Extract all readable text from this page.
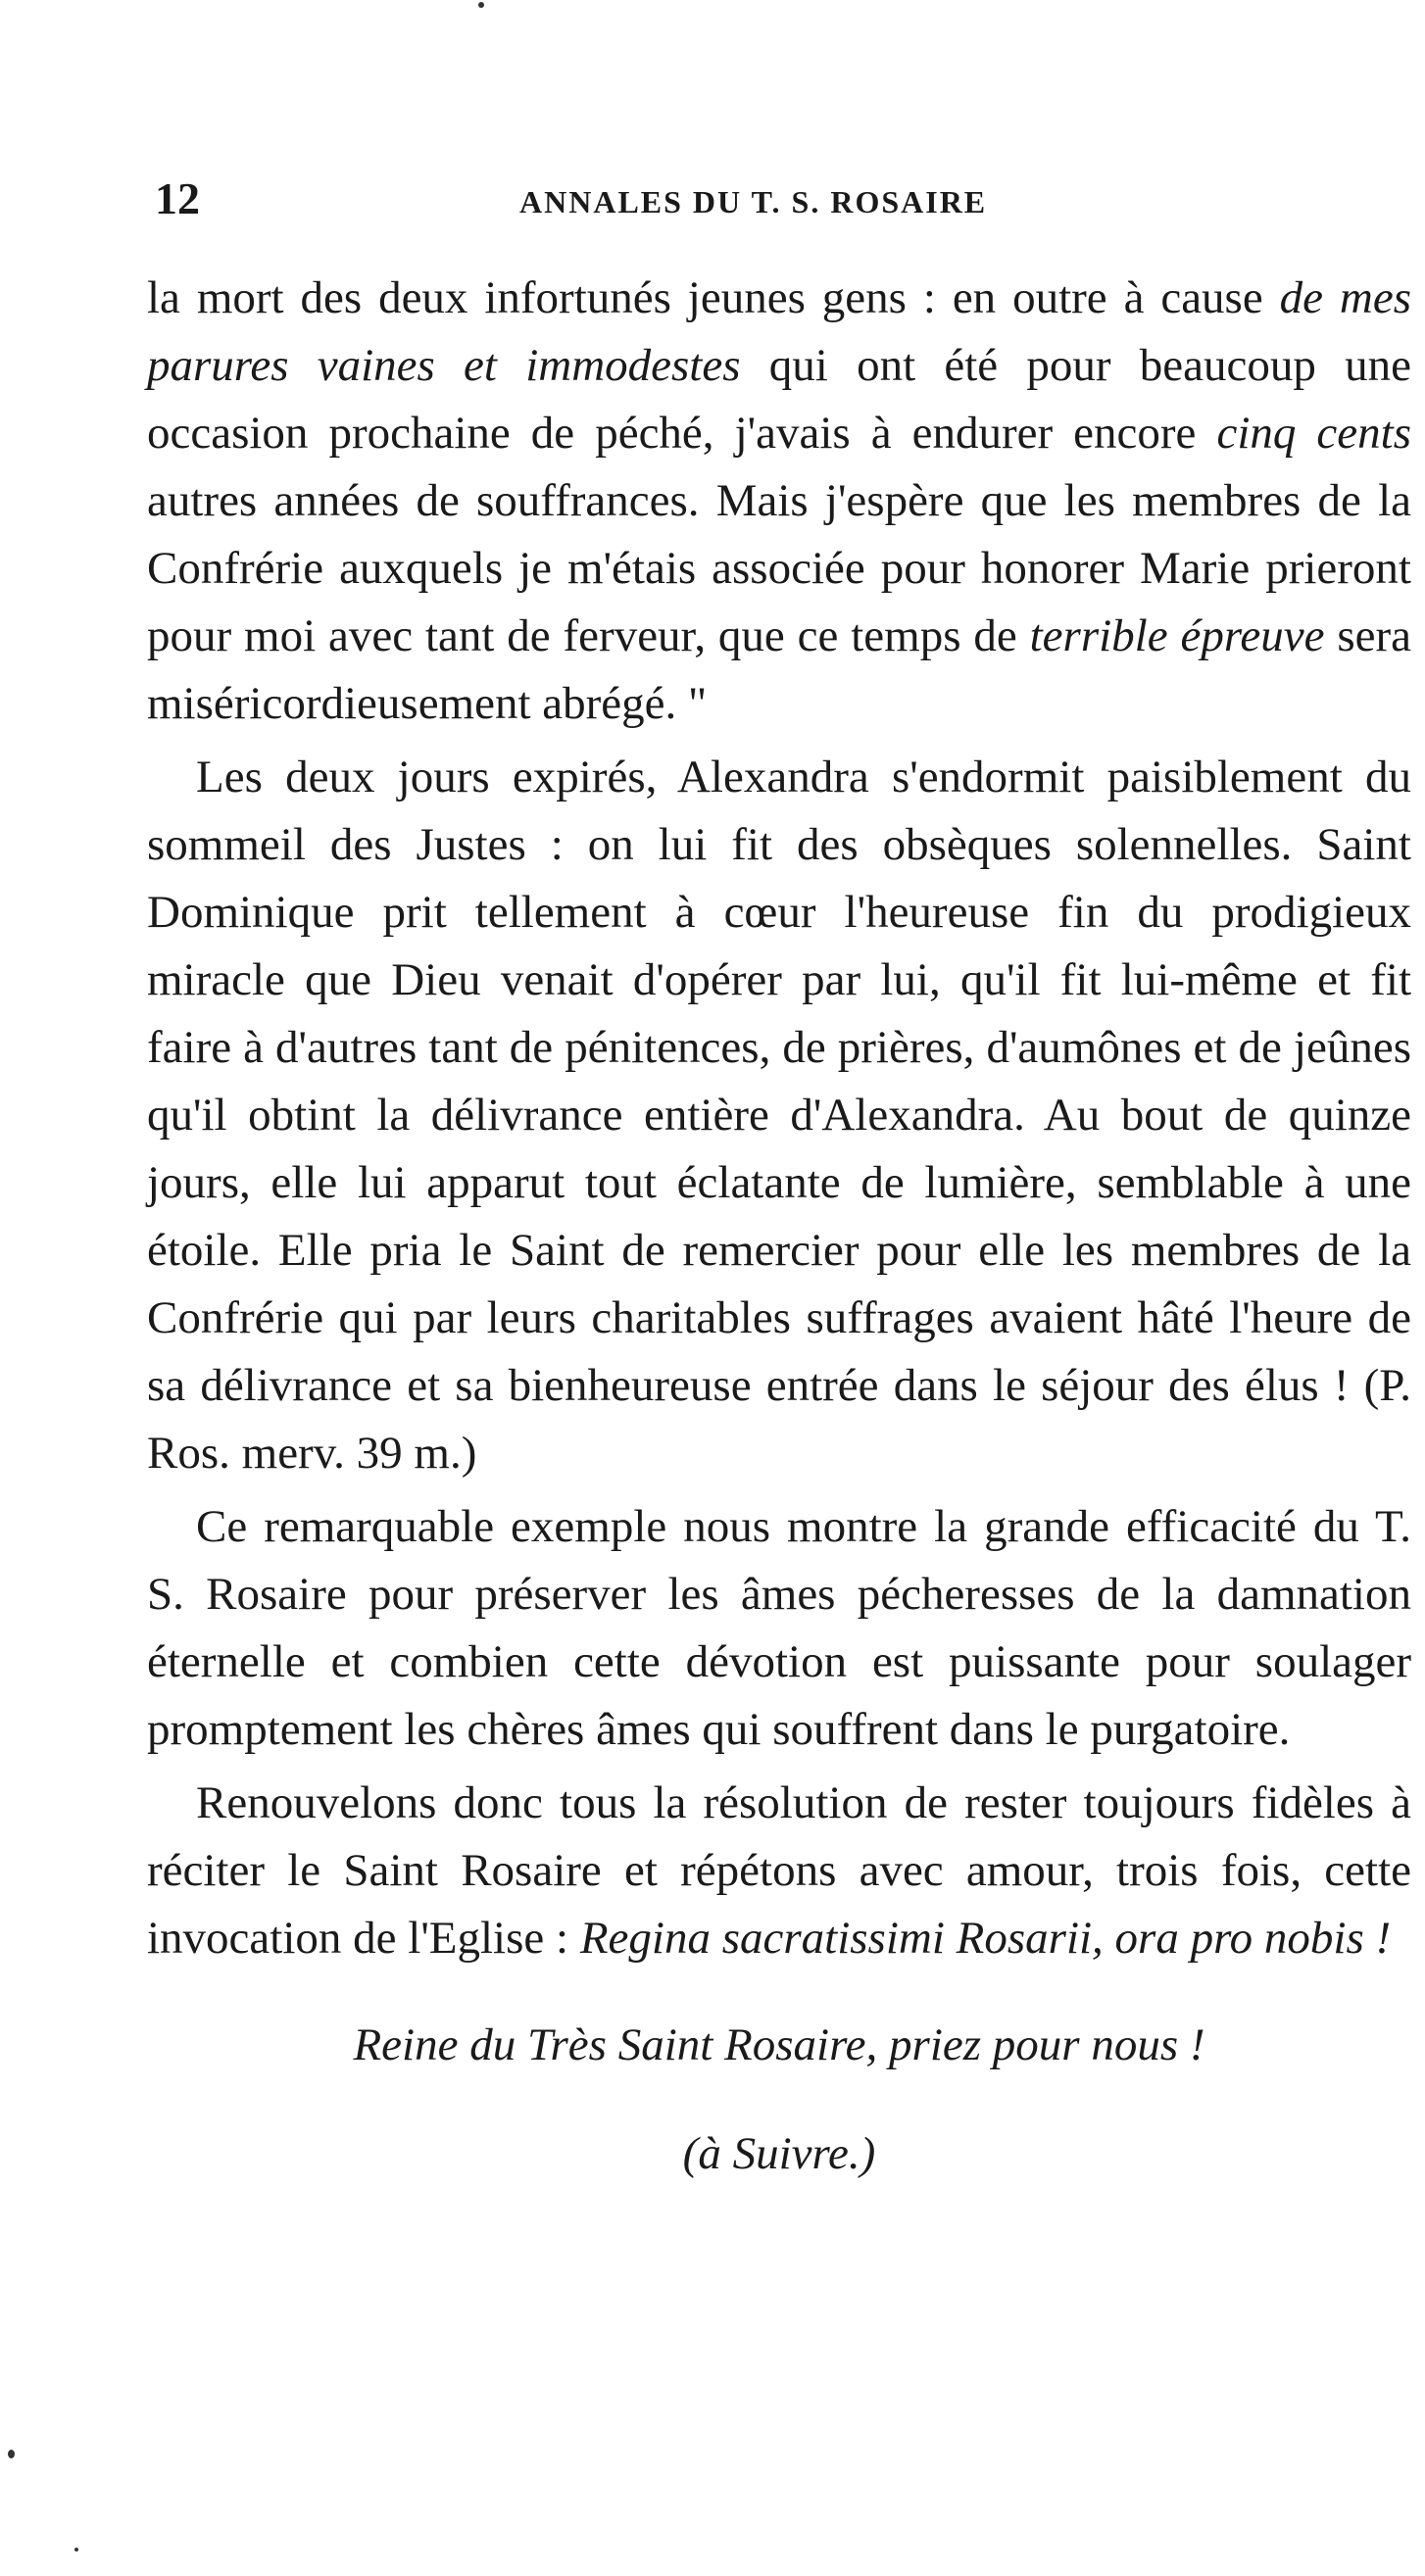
12	ANNALES DU T. S. ROSAIRE

la mort des deux infortunés jeunes gens : en outre à cause de mes parures vaines et immodestes qui ont été pour beaucoup une occasion prochaine de péché, j'avais à endurer encore cinq cents autres années de souffrances. Mais j'espère que les membres de la Confrérie auxquels je m'étais associée pour honorer Marie prieront pour moi avec tant de ferveur, que ce temps de terrible épreuve sera miséricordieusement abrégé. "

Les deux jours expirés, Alexandra s'endormit paisiblement du sommeil des Justes : on lui fit des obsèques solennelles. Saint Dominique prit tellement à cœur l'heureuse fin du prodigieux miracle que Dieu venait d'opérer par lui, qu'il fit lui-même et fit faire à d'autres tant de pénitences, de prières, d'aumônes et de jeûnes qu'il obtint la délivrance entière d'Alexandra. Au bout de quinze jours, elle lui apparut tout éclatante de lumière, semblable à une étoile. Elle pria le Saint de remercier pour elle les membres de la Confrérie qui par leurs charitables suffrages avaient hâté l'heure de sa délivrance et sa bienheureuse entrée dans le séjour des élus ! (P. Ros. merv. 39 m.)

Ce remarquable exemple nous montre la grande efficacité du T. S. Rosaire pour préserver les âmes pécheresses de la damnation éternelle et combien cette dévotion est puissante pour soulager promptement les chères âmes qui souffrent dans le purgatoire.

Renouvelons donc tous la résolution de rester toujours fidèles à réciter le Saint Rosaire et répétons avec amour, trois fois, cette invocation de l'Eglise : Regina sacratissimi Rosarii, ora pro nobis !

Reine du Très Saint Rosaire, priez pour nous !

(à Suivre.)
